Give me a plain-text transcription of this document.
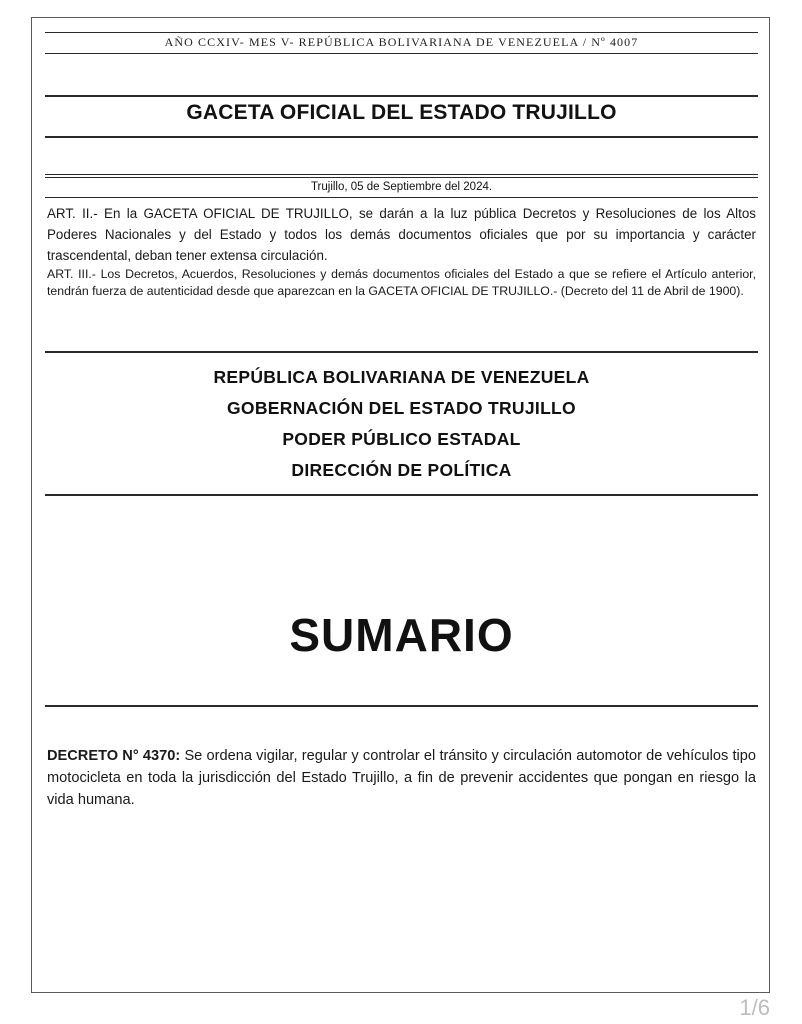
AÑO CCXIV- MES V- REPÚBLICA BOLIVARIANA DE VENEZUELA / Nº 4007
GACETA OFICIAL DEL ESTADO TRUJILLO
Trujillo, 05 de Septiembre del 2024.
ART. II.- En la GACETA OFICIAL DE TRUJILLO, se darán a la luz pública Decretos y Resoluciones de los Altos Poderes Nacionales y del Estado y todos los demás documentos oficiales que por su importancia y carácter trascendental, deban tener extensa circulación.
ART. III.- Los Decretos, Acuerdos, Resoluciones y demás documentos oficiales del Estado a que se refiere el Artículo anterior, tendrán fuerza de autenticidad desde que aparezcan en la GACETA OFICIAL DE TRUJILLO.- (Decreto del 11 de Abril de 1900).
REPÚBLICA BOLIVARIANA DE VENEZUELA
GOBERNACIÓN DEL ESTADO TRUJILLO
PODER PÚBLICO ESTADAL
DIRECCIÓN DE POLÍTICA
SUMARIO
DECRETO N° 4370: Se ordena vigilar, regular y controlar el tránsito y circulación automotor de vehículos tipo motocicleta en toda la jurisdicción del Estado Trujillo, a fin de prevenir accidentes que pongan en riesgo la vida humana.
1/6
